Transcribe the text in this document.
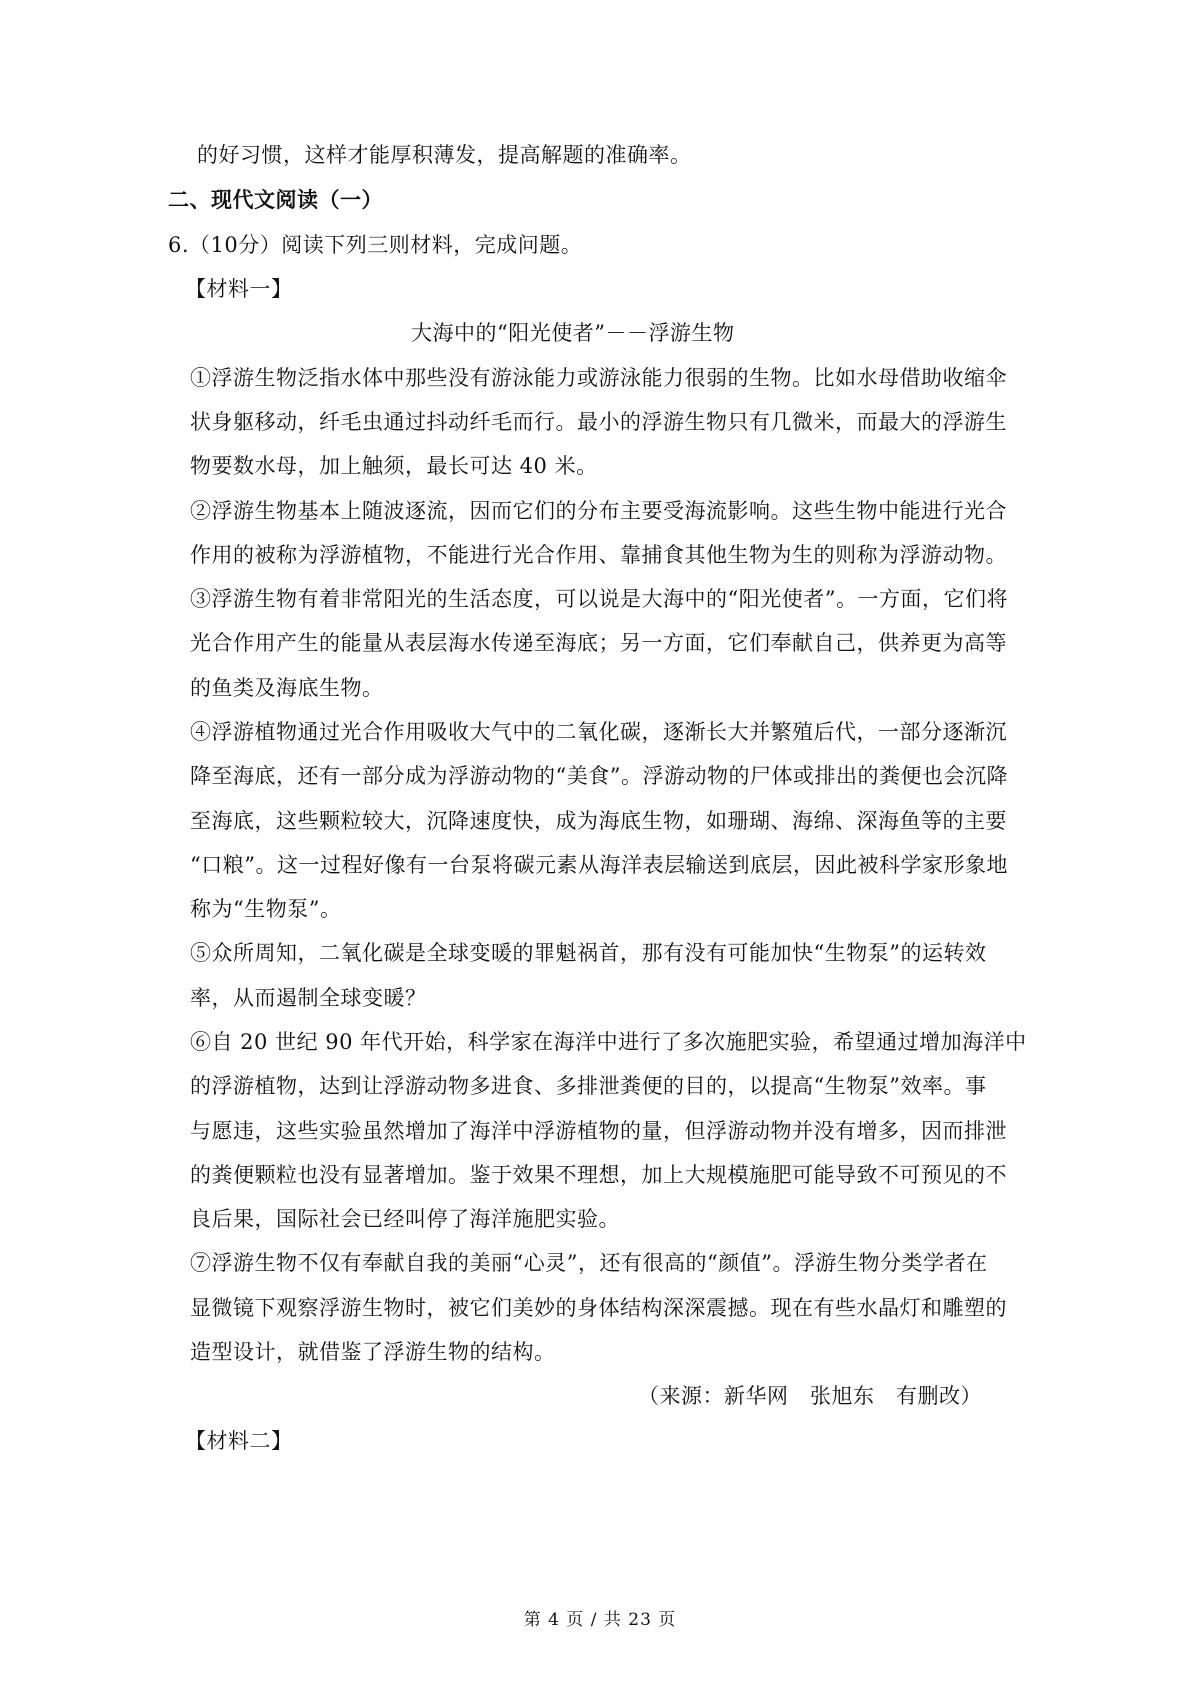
的好习惯，这样才能厚积薄发，提高解题的准确率。
二、现代文阅读（一）
6.（10分）阅读下列三则材料，完成问题。
【材料一】
大海中的“阳光使者”－－浮游生物
①浮游生物泛指水体中那些没有游泳能力或游泳能力很弱的生物。比如水母借助收缩伞
状身躯移动，纤毛虫通过抖动纤毛而行。最小的浮游生物只有几微米，而最大的浮游生
物要数水母，加上触须，最长可达 40 米。
②浮游生物基本上随波逐流，因而它们的分布主要受海流影响。这些生物中能进行光合
作用的被称为浮游植物，不能进行光合作用、靠捕食其他生物为生的则称为浮游动物。
③浮游生物有着非常阳光的生活态度，可以说是大海中的“阳光使者”。一方面，它们将
光合作用产生的能量从表层海水传递至海底；另一方面，它们奉献自己，供养更为高等
的鱼类及海底生物。
④浮游植物通过光合作用吸收大气中的二氧化碳，逐渐长大并繁殖后代，一部分逐渐沉
降至海底，还有一部分成为浮游动物的“美食”。浮游动物的尸体或排出的粪便也会沉降
至海底，这些颗粒较大，沉降速度快，成为海底生物，如珊瑚、海绵、深海鱼等的主要
“口粮”。这一过程好像有一台泵将碳元素从海洋表层输送到底层，因此被科学家形象地
称为“生物泵”。
⑤众所周知，二氧化碳是全球变暖的罪魁祸首，那有没有可能加快“生物泵”的运转效
率，从而遏制全球变暖？
⑥自 20 世纪 90 年代开始，科学家在海洋中进行了多次施肥实验，希望通过增加海洋中
的浮游植物，达到让浮游动物多进食、多排泄粪便的目的，以提高“生物泵”效率。事
与愿违，这些实验虽然增加了海洋中浮游植物的量，但浮游动物并没有增多，因而排泄
的粪便颗粒也没有显著增加。鉴于效果不理想，加上大规模施肥可能导致不可预见的不
良后果，国际社会已经叫停了海洋施肥实验。
⑦浮游生物不仅有奉献自我的美丽“心灵”，还有很高的“颜值”。浮游生物分类学者在
显微镜下观察浮游生物时，被它们美妙的身体结构深深震撼。现在有些水晶灯和雕塑的
造型设计，就借鉴了浮游生物的结构。
（来源：新华网　张旭东　有删改）
【材料二】
第 4 页 / 共 23 页
